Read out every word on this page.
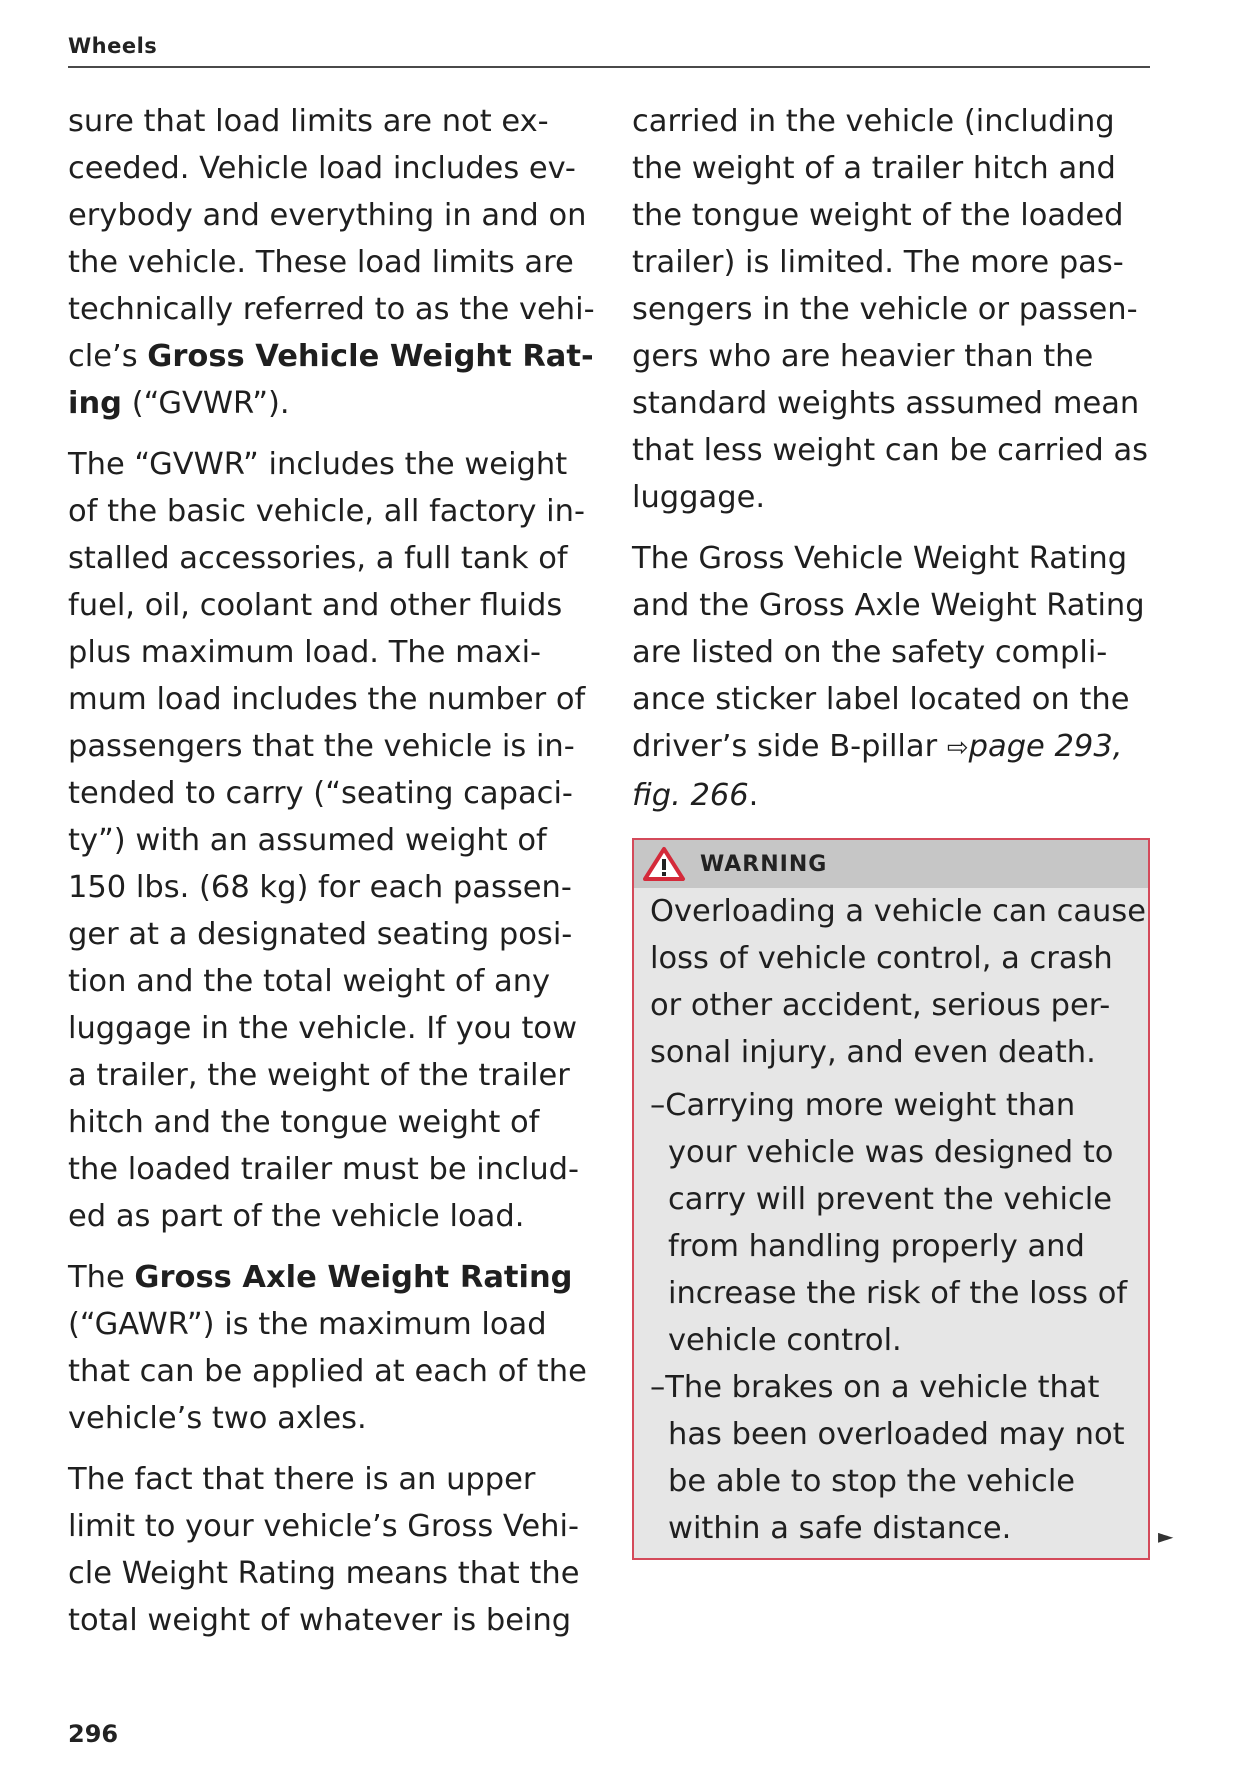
Wheels

sure that load limits are not ex-
ceeded. Vehicle load includes ev-
erybody and everything in and on
the vehicle. These load limits are
technically referred to as the vehi-
cle’s Gross Vehicle Weight Rat-
ing (“GVWR”).

The “GVWR” includes the weight
of the basic vehicle, all factory in-
stalled accessories, a full tank of
fuel, oil, coolant and other fluids
plus maximum load. The maxi-
mum load includes the number of
passengers that the vehicle is in-
tended to carry (“seating capaci-
ty”) with an assumed weight of
150 lbs. (68 kg) for each passen-
ger at a designated seating posi-
tion and the total weight of any
luggage in the vehicle. If you tow
a trailer, the weight of the trailer
hitch and the tongue weight of
the loaded trailer must be includ-
ed as part of the vehicle load.

The Gross Axle Weight Rating
(“GAWR”) is the maximum load
that can be applied at each of the
vehicle’s two axles.

The fact that there is an upper
limit to your vehicle’s Gross Vehi-
cle Weight Rating means that the
total weight of whatever is being

carried in the vehicle (including
the weight of a trailer hitch and
the tongue weight of the loaded
trailer) is limited. The more pas-
sengers in the vehicle or passen-
gers who are heavier than the
standard weights assumed mean
that less weight can be carried as
luggage.

The Gross Vehicle Weight Rating
and the Gross Axle Weight Rating
are listed on the safety compli-
ance sticker label located on the
driver’s side B-pillar ⇨page 293,
fig. 266.

WARNING

Overloading a vehicle can cause
loss of vehicle control, a crash
or other accident, serious per-
sonal injury, and even death.

–Carrying more weight than
your vehicle was designed to
carry will prevent the vehicle
from handling properly and
increase the risk of the loss of
vehicle control.

–The brakes on a vehicle that
has been overloaded may not
be able to stop the vehicle
within a safe distance.	►
296
